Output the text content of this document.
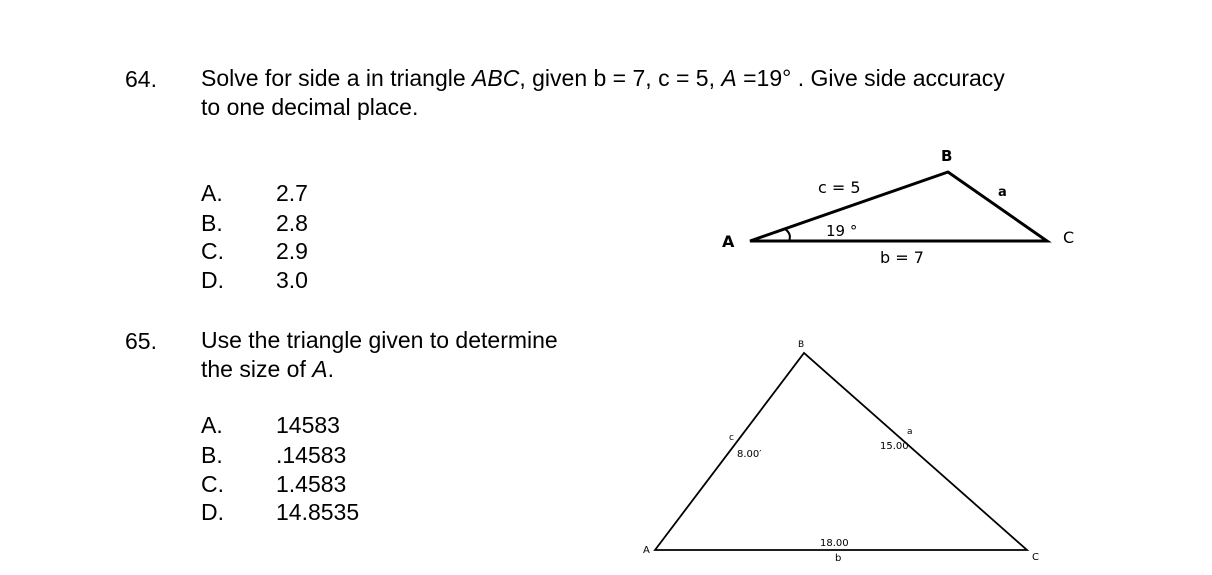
64. Solve for side a in triangle ABC, given b = 7, c = 5, A =19° . Give side accuracy
to one decimal place.
A. 2.7
B. 2.8
C. 2.9
D. 3.0
A
B
C
c = 5	a
19 °
b = 7
65. Use the triangle given to determine
the size of A.
A. 14583
B. .14583
C. 1.4583
D. 14.8535
A
B
C
c
8.00′
a
15.00
18.00
b
